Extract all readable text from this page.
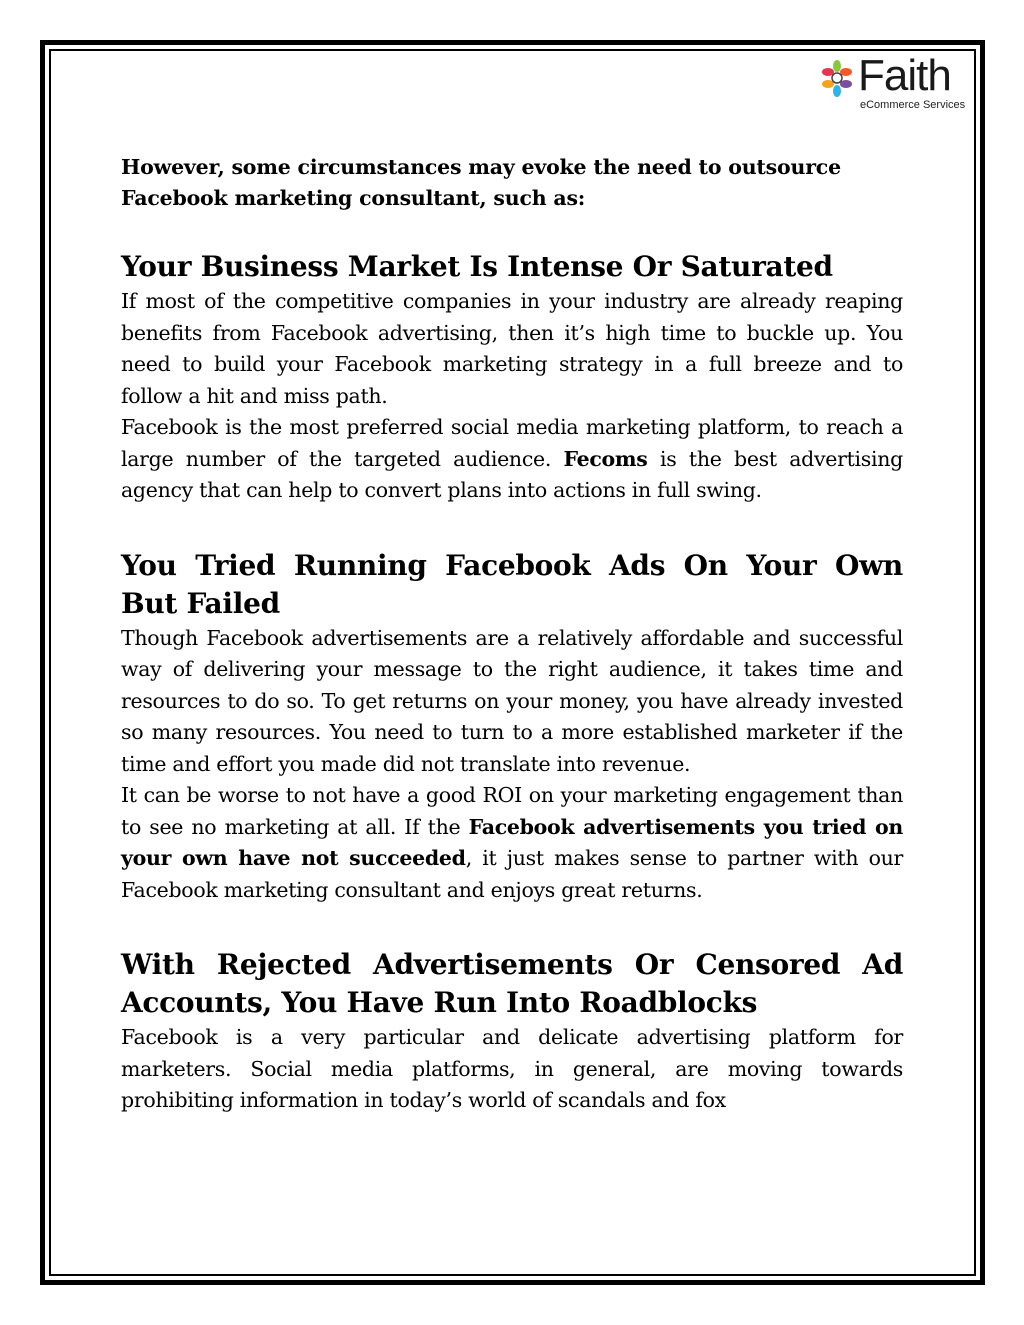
Faith
eCommerce Services

However, some circumstances may evoke the need to outsource Facebook marketing consultant, such as:

Your Business Market Is Intense Or Saturated

If most of the competitive companies in your industry are already reaping benefits from Facebook advertising, then it’s high time to buckle up. You need to build your Facebook marketing strategy in a full breeze and to follow a hit and miss path.

Facebook is the most preferred social media marketing platform, to reach a large number of the targeted audience. Fecoms is the best advertising agency that can help to convert plans into actions in full swing.

You Tried Running Facebook Ads On Your Own But Failed

Though Facebook advertisements are a relatively affordable and successful way of delivering your message to the right audience, it takes time and resources to do so. To get returns on your money, you have already invested so many resources. You need to turn to a more established marketer if the time and effort you made did not translate into revenue.

It can be worse to not have a good ROI on your marketing engagement than to see no marketing at all. If the Facebook advertisements you tried on your own have not succeeded, it just makes sense to partner with our Facebook marketing consultant and enjoys great returns.

With Rejected Advertisements Or Censored Ad Accounts, You Have Run Into Roadblocks

Facebook is a very particular and delicate advertising platform for marketers. Social media platforms, in general, are moving towards prohibiting information in today’s world of scandals and fox
